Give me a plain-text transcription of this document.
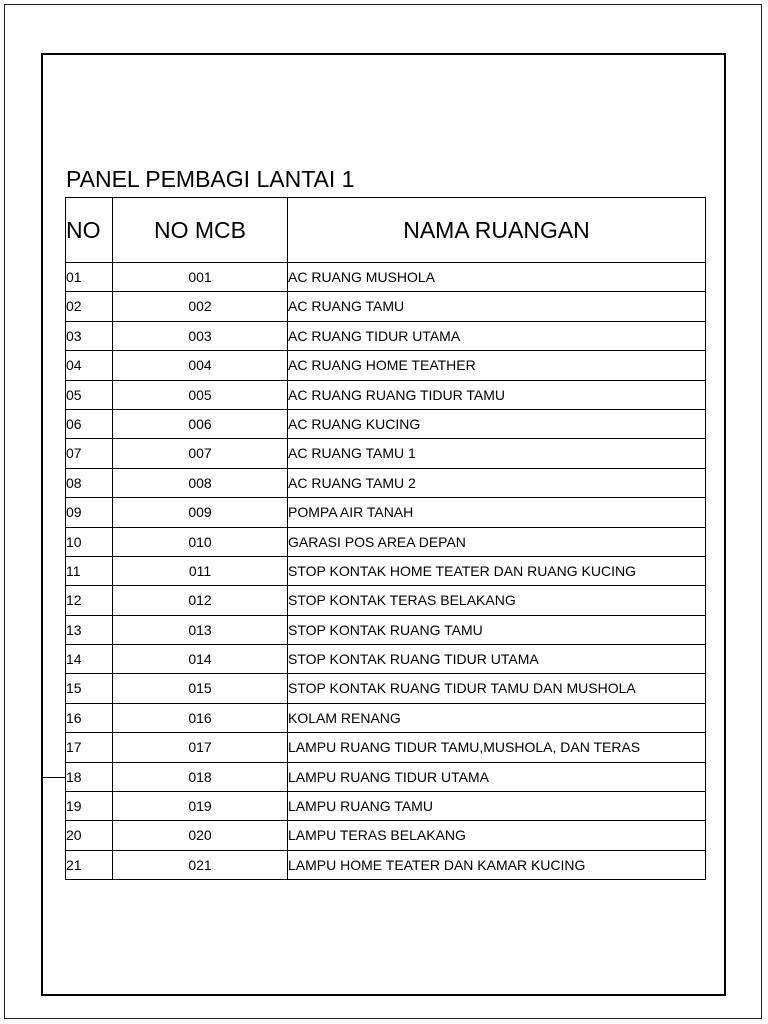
PANEL PEMBAGI LANTAI 1
NO	NO MCB	NAMA RUANGAN
01	001	AC RUANG MUSHOLA
02	002	AC RUANG TAMU
03	003	AC RUANG TIDUR UTAMA
04	004	AC RUANG HOME TEATHER
05	005	AC RUANG RUANG TIDUR TAMU
06	006	AC RUANG KUCING
07	007	AC RUANG TAMU 1
08	008	AC RUANG TAMU 2
09	009	POMPA AIR TANAH
10	010	GARASI POS AREA DEPAN
11	011	STOP KONTAK HOME TEATER DAN RUANG KUCING
12	012	STOP KONTAK TERAS BELAKANG
13	013	STOP KONTAK RUANG TAMU
14	014	STOP KONTAK RUANG TIDUR UTAMA
15	015	STOP KONTAK RUANG TIDUR TAMU DAN MUSHOLA
16	016	KOLAM RENANG
17	017	LAMPU RUANG TIDUR TAMU,MUSHOLA, DAN TERAS
18	018	LAMPU RUANG TIDUR UTAMA
19	019	LAMPU RUANG TAMU
20	020	LAMPU TERAS BELAKANG
21	021	LAMPU HOME TEATER DAN KAMAR KUCING
